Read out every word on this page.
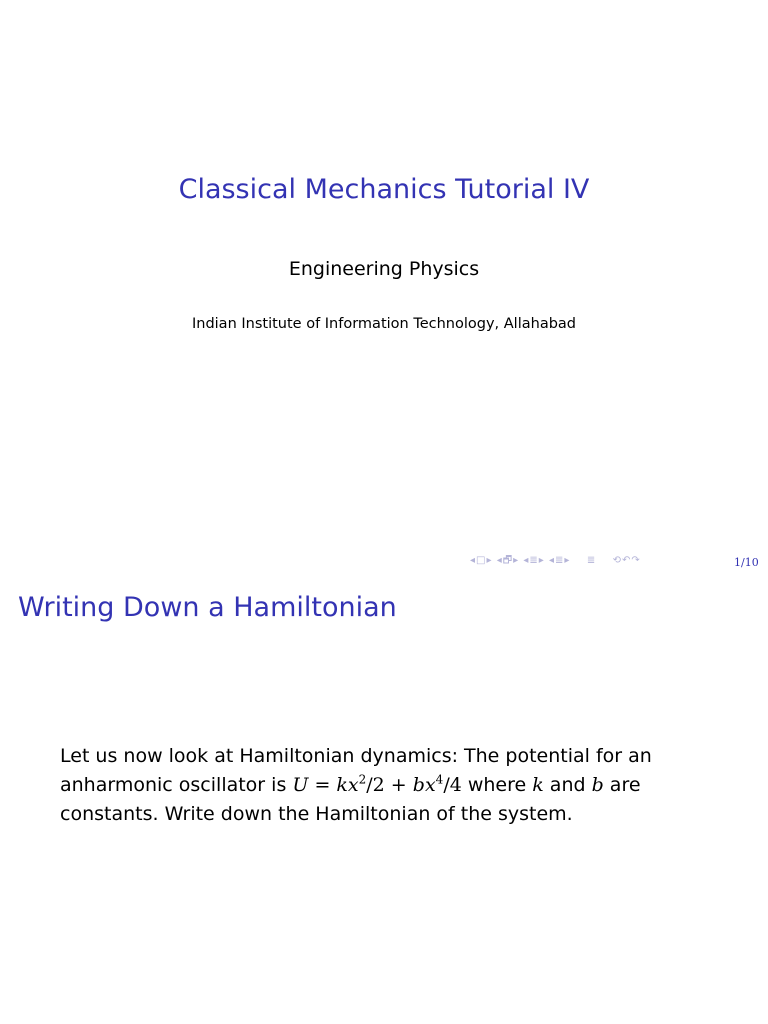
Classical Mechanics Tutorial IV
Engineering Physics
Indian Institute of Information Technology, Allahabad
◂□▸ ◂🗗▸ ◂≣▸ ◂≣▸ ≣ ⟲↶↷	1/10
Writing Down a Hamiltonian
Let us now look at Hamiltonian dynamics: The potential for an anharmonic oscillator is $U = kx^2/2 + bx^4/4$ where k and b are constants. Write down the Hamiltonian of the system.
